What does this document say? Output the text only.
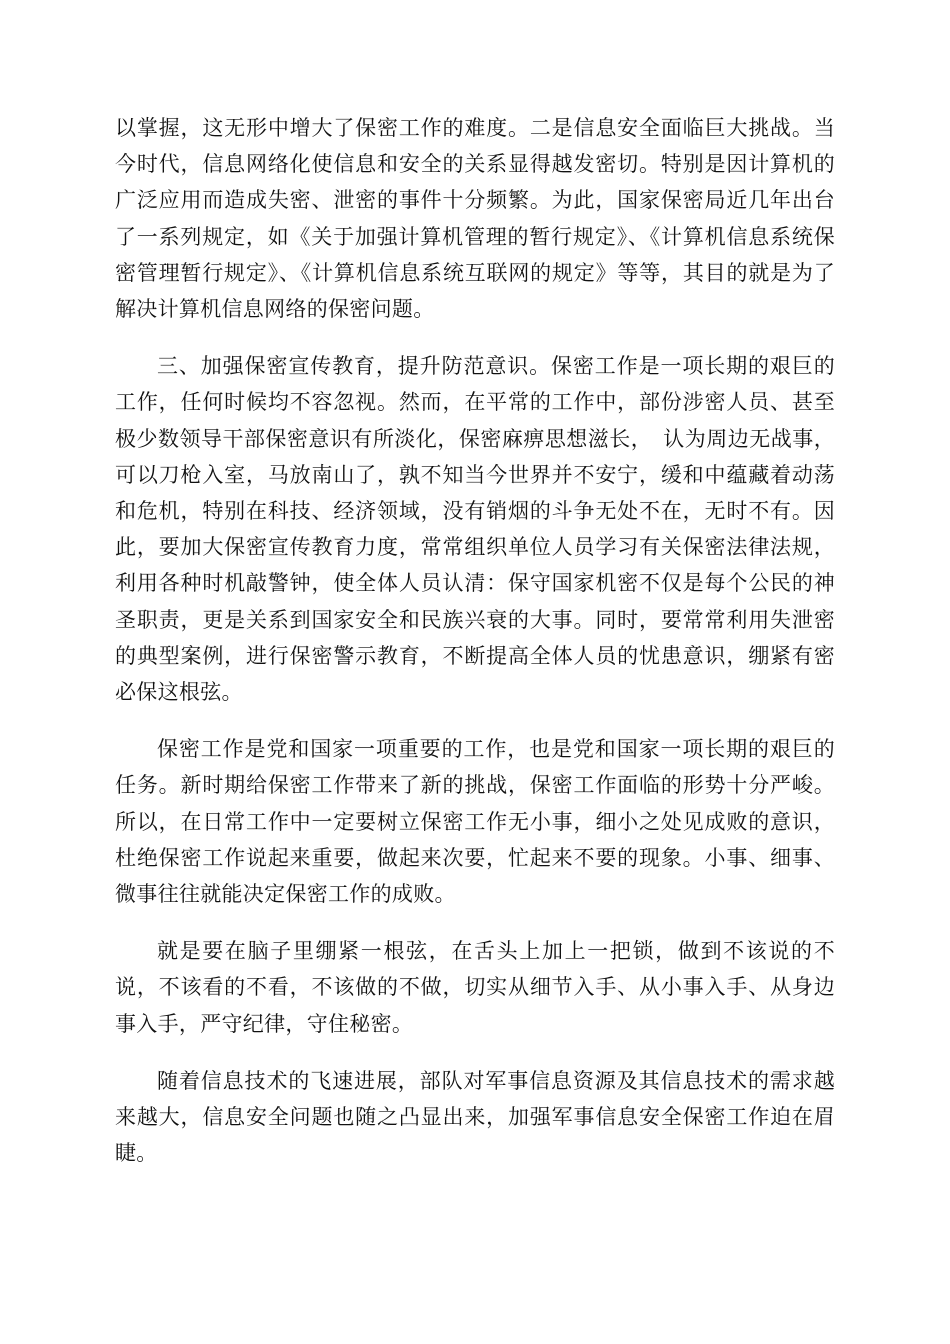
以掌握，这无形中增大了保密工作的难度。二是信息安全面临巨大挑战。当今时代，信息网络化使信息和安全的关系显得越发密切。特别是因计算机的广泛应用而造成失密、泄密的事件十分频繁。为此，国家保密局近几年出台了一系列规定，如《关于加强计算机管理的暂行规定》、《计算机信息系统保密管理暂行规定》、《计算机信息系统互联网的规定》等等，其目的就是为了解决计算机信息网络的保密问题。

三、加强保密宣传教育，提升防范意识。保密工作是一项长期的艰巨的工作，任何时候均不容忽视。然而，在平常的工作中，部份涉密人员、甚至极少数领导干部保密意识有所淡化，保密麻痹思想滋长，　认为周边无战事，可以刀枪入室，马放南山了，孰不知当今世界并不安宁，缓和中蕴藏着动荡和危机，特别在科技、经济领域，没有销烟的斗争无处不在，无时不有。因此，要加大保密宣传教育力度，常常组织单位人员学习有关保密法律法规，利用各种时机敲警钟，使全体人员认清：保守国家机密不仅是每个公民的神圣职责，更是关系到国家安全和民族兴衰的大事。同时，要常常利用失泄密的典型案例，进行保密警示教育，不断提高全体人员的忧患意识，绷紧有密必保这根弦。

保密工作是党和国家一项重要的工作，也是党和国家一项长期的艰巨的任务。新时期给保密工作带来了新的挑战，保密工作面临的形势十分严峻。所以，在日常工作中一定要树立保密工作无小事，细小之处见成败的意识，杜绝保密工作说起来重要，做起来次要，忙起来不要的现象。小事、细事、微事往往就能决定保密工作的成败。

就是要在脑子里绷紧一根弦，在舌头上加上一把锁，做到不该说的不说，不该看的不看，不该做的不做，切实从细节入手、从小事入手、从身边事入手，严守纪律，守住秘密。

随着信息技术的飞速进展，部队对军事信息资源及其信息技术的需求越来越大，信息安全问题也随之凸显出来，加强军事信息安全保密工作迫在眉睫。
